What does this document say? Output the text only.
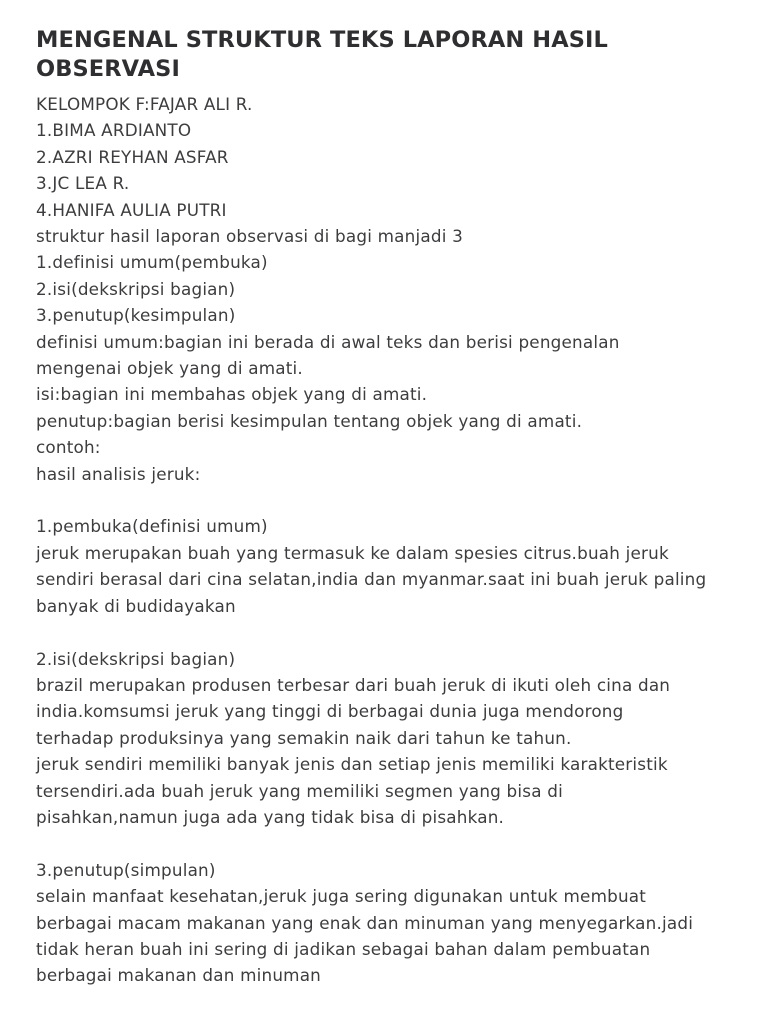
MENGENAL STRUKTUR TEKS LAPORAN HASIL
OBSERVASI
KELOMPOK F:FAJAR ALI R.
1.BIMA ARDIANTO
2.AZRI REYHAN ASFAR
3.JC LEA R.
4.HANIFA AULIA PUTRI
struktur hasil laporan observasi di bagi manjadi 3
1.definisi umum(pembuka)
2.isi(dekskripsi bagian)
3.penutup(kesimpulan)
definisi umum:bagian ini berada di awal teks dan berisi pengenalan
mengenai objek yang di amati.
isi:bagian ini membahas objek yang di amati.
penutup:bagian berisi kesimpulan tentang objek yang di amati.
contoh:
hasil analisis jeruk:
1.pembuka(definisi umum)
jeruk merupakan buah yang termasuk ke dalam spesies citrus.buah jeruk
sendiri berasal dari cina selatan,india dan myanmar.saat ini buah jeruk paling
banyak di budidayakan
2.isi(dekskripsi bagian)
brazil merupakan produsen terbesar dari buah jeruk di ikuti oleh cina dan
india.komsumsi jeruk yang tinggi di berbagai dunia juga mendorong
terhadap produksinya yang semakin naik dari tahun ke tahun.
jeruk sendiri memiliki banyak jenis dan setiap jenis memiliki karakteristik
tersendiri.ada buah jeruk yang memiliki segmen yang bisa di
pisahkan,namun juga ada yang tidak bisa di pisahkan.
3.penutup(simpulan)
selain manfaat kesehatan,jeruk juga sering digunakan untuk membuat
berbagai macam makanan yang enak dan minuman yang menyegarkan.jadi
tidak heran buah ini sering di jadikan sebagai bahan dalam pembuatan
berbagai makanan dan minuman
